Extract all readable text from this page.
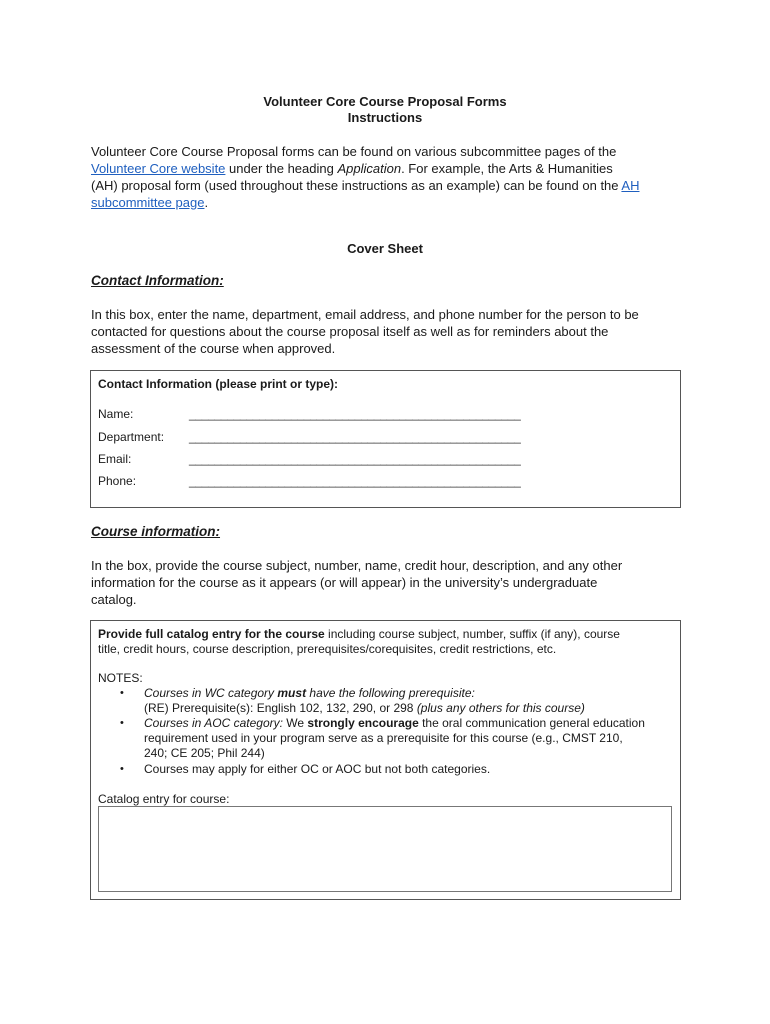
Volunteer Core Course Proposal Forms
Instructions
Volunteer Core Course Proposal forms can be found on various subcommittee pages of the
Volunteer Core website under the heading Application. For example, the Arts & Humanities
(AH) proposal form (used throughout these instructions as an example) can be found on the AH
subcommittee page.
Cover Sheet
Contact Information:
In this box, enter the name, department, email address, and phone number for the person to be
contacted for questions about the course proposal itself as well as for reminders about the
assessment of the course when approved.
Contact Information (please print or type):
Name:	____________________________________________________
Department: ____________________________________________________
Email:	____________________________________________________
Phone:	____________________________________________________
Course information:
In the box, provide the course subject, number, name, credit hour, description, and any other
information for the course as it appears (or will appear) in the university’s undergraduate
catalog.
Provide full catalog entry for the course including course subject, number, suffix (if any), course
title, credit hours, course description, prerequisites/corequisites, credit restrictions, etc.
NOTES:
• Courses in WC category must have the following prerequisite:
(RE) Prerequisite(s): English 102, 132, 290, or 298 (plus any others for this course)
• Courses in AOC category: We strongly encourage the oral communication general education
requirement used in your program serve as a prerequisite for this course (e.g., CMST 210,
240; CE 205; Phil 244)
• Courses may apply for either OC or AOC but not both categories.
Catalog entry for course:
